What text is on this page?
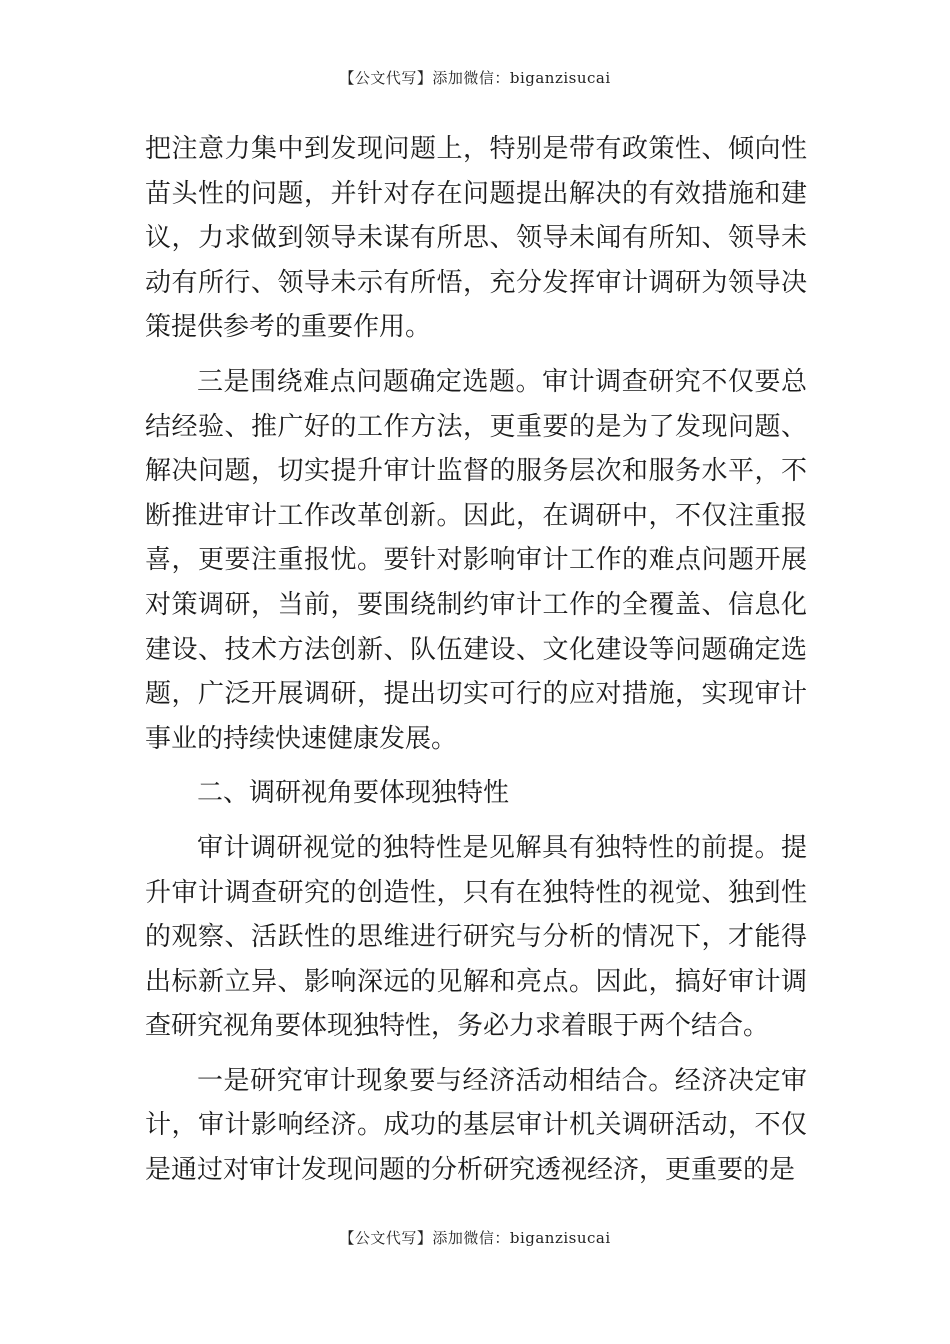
【公文代写】添加微信：biganzisucai

把注意力集中到发现问题上，特别是带有政策性、倾向性苗头性的问题，并针对存在问题提出解决的有效措施和建议，力求做到领导未谋有所思、领导未闻有所知、领导未动有所行、领导未示有所悟，充分发挥审计调研为领导决策提供参考的重要作用。

三是围绕难点问题确定选题。审计调查研究不仅要总结经验、推广好的工作方法，更重要的是为了发现问题、解决问题，切实提升审计监督的服务层次和服务水平，不断推进审计工作改革创新。因此，在调研中，不仅注重报喜，更要注重报忧。要针对影响审计工作的难点问题开展对策调研，当前，要围绕制约审计工作的全覆盖、信息化建设、技术方法创新、队伍建设、文化建设等问题确定选题，广泛开展调研，提出切实可行的应对措施，实现审计事业的持续快速健康发展。

二、调研视角要体现独特性

审计调研视觉的独特性是见解具有独特性的前提。提升审计调查研究的创造性，只有在独特性的视觉、独到性的观察、活跃性的思维进行研究与分析的情况下，才能得出标新立异、影响深远的见解和亮点。因此，搞好审计调查研究视角要体现独特性，务必力求着眼于两个结合。

一是研究审计现象要与经济活动相结合。经济决定审计，审计影响经济。成功的基层审计机关调研活动，不仅是通过对审计发现问题的分析研究透视经济，更重要的是

【公文代写】添加微信：biganzisucai
